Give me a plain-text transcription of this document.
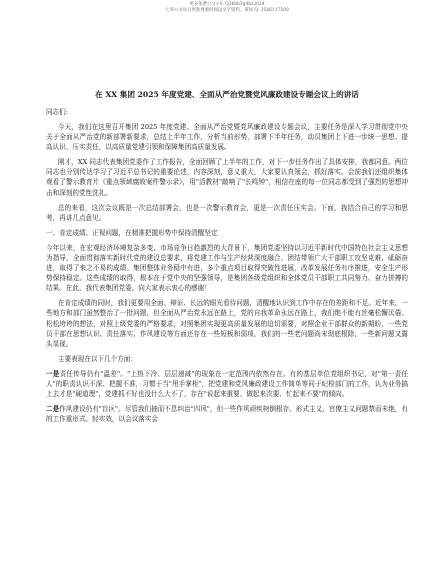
更多免费公文+V: Q3bbb3g4bs2024
七零公文每日更新尊重时间以文字资料。谭加 Q: 2566117509
在 XX 集团 2025 年度党建、全面从严治党暨党风廉政建设专题会议上的讲话
同志们:

今天，我们在这里召开集团 2025 年度党建、全面从严治党暨党风廉政建设专题会议，主要任务是深入学习贯彻党中央关于全面从严治党的新部署新要求，总结上半年工作，分析当前形势，部署下半年任务，动员集团上下进一步统一思想、提高认识、压实责任，以高质量党建引领和保障集团高质量发展。

刚才，XX 同志代表集团党委作了工作报告，全面回顾了上半年的工作，对下一步任务作出了具体安排，我都同意。两位同志也分别传达学习了习近平总书记的重要论述，内容深刻，意义重大，大家要认真领会，抓好落实。会前我们还组织集体观看了警示教育片《重点领域腐败案件警示录》，用"活教材"敲响了"长鸣钟"，相信在座的每一位同志都受到了强烈的思想冲击和深刻的党性洗礼。

总的来看，这次会议既是一次总结部署会，也是一次警示教育会，更是一次责任压实会。下面，我结合自己的学习和思考，再讲几点意见。

一、肯定成绩、正视问题，在精准把握形势中保持清醒坚定

今年以来，在宏观经济环境复杂多变、市场竞争日趋激烈的大背景下，集团党委坚持以习近平新时代中国特色社会主义思想为指导，全面贯彻落实新时代党的建设总要求，将党建工作与生产经营深度融合，团结带领广大干部职工攻坚克难、砥砺奋进，取得了来之不易的成绩。集团整体业务稳中有进，多个重点项目取得突破性进展，改革发展任务有序推进，安全生产形势保持稳定。这些成绩的取得，根本在于党中央的坚强领导，是集团各级党组织和全体党员干部职工共同努力、奋力拼搏的结果。在此，我代表集团党委，向大家表示衷心的感谢！

在肯定成绩的同时，我们更要用全面、辩证、长远的眼光看待问题，清醒地认识到工作中存在的差距和不足。近年来，一些地方和部门虽然整治了一批问题，但全面从严治党永远在路上，党的自我革命永远在路上，我们绝不能有丝毫松懈厌倦、松松垮垮的想法，对照上级党委的严格要求，对照集团实现更高质量发展的迫切需要，对照企业干部群众的新期盼，一些党员干部在思想认识、责任落实、作风建设等方面还存在一些短板和弱项，我们的一些老问题尚未彻底根除，一些新问题又露头显现。

主要表现在以下几个方面：

一是责任传导仍有"温差"。"上热下冷、层层递减"的现象在一定范围内依然存在。有的基层单位党组织书记，对"第一责任人"的职责认识不深、把握不准，习惯于当"甩手掌柜"，把党建和党风廉政建设工作简单等同于纪检部门的工作，认为业务搞上去才是"硬道理"，党建抓不好也没什么大不了，存在"说起来重要、做起来次要、忙起来不要"的倾向。

二是作风建设仍有"盲区"。尽管我们抽而不息纠治"四风"，但一些作风顽疾树倒根存、形式主义、官僚主义问题禁而未绝，有的工作重形式、轻实效，以会议落实会
